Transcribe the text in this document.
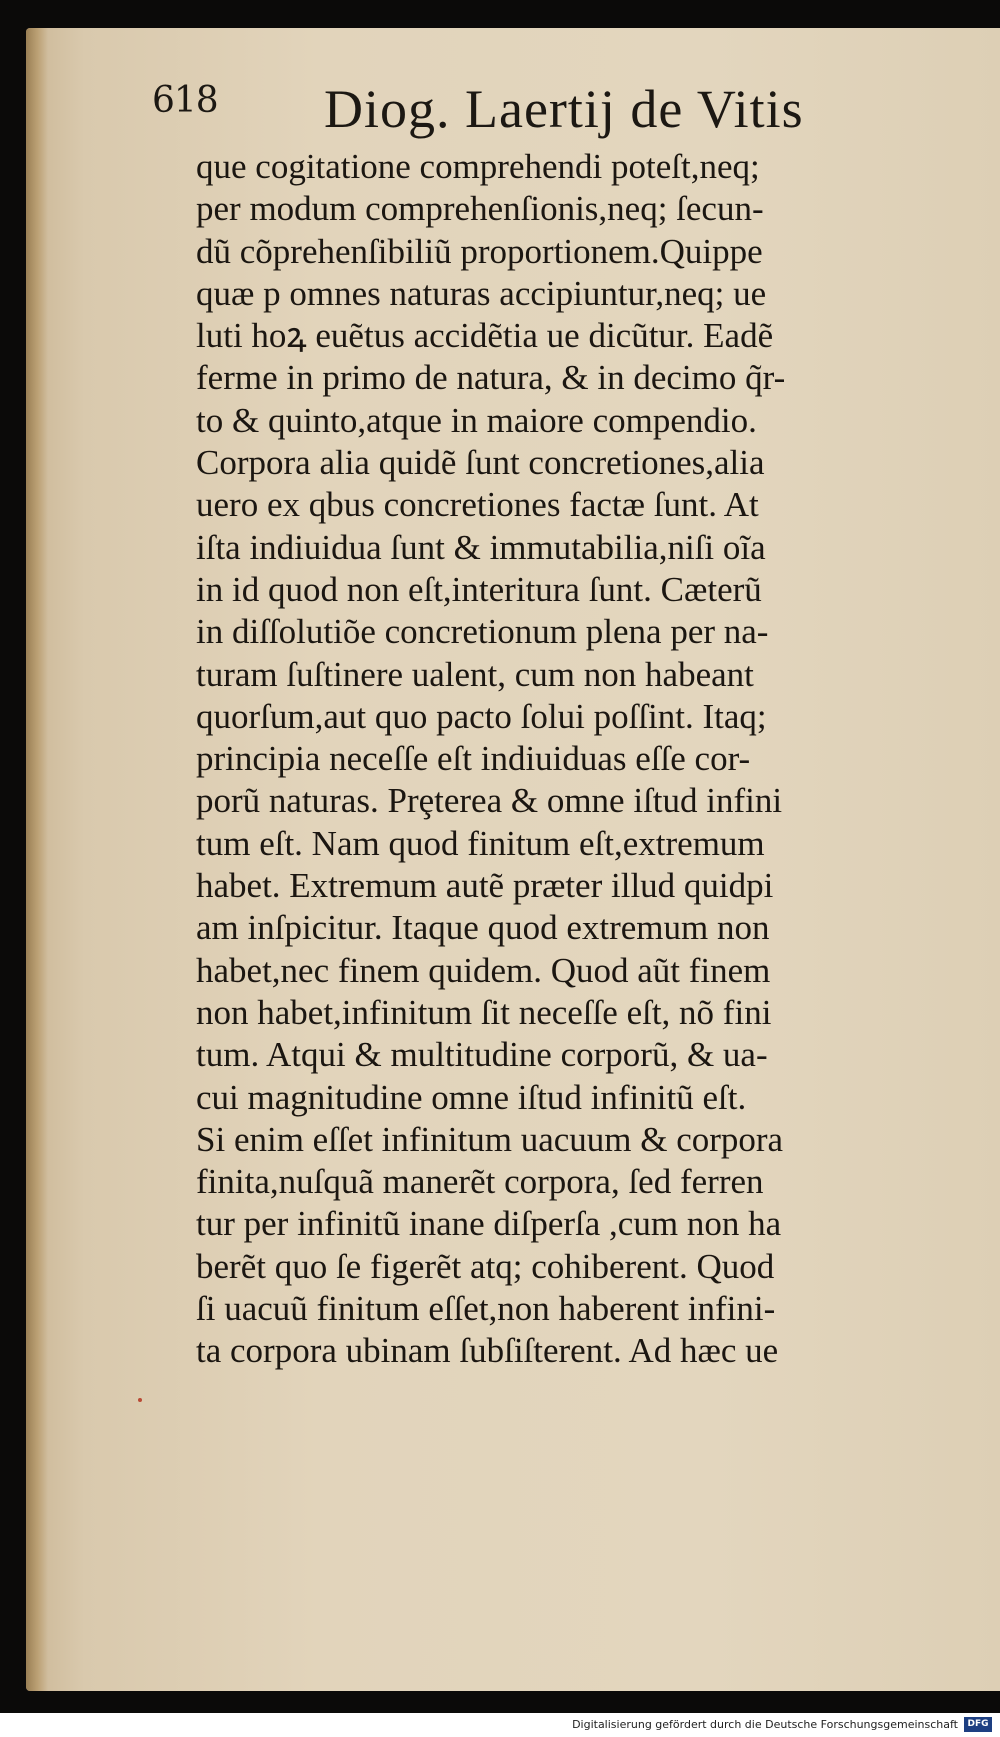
618 Diog. Laertij de Vitis
que cogitatione comprehendi poteſt,neq;
per modum comprehenſionis,neq; ſecun-
dũ cõprehenſibiliũ proportionem.Quippe
quæ p omnes naturas accipiuntur,neq; ue
luti hoꝝ euẽtus accidẽtia ue dicũtur. Eadẽ
ferme in primo de natura, & in decimo q̃r-
to & quinto,atque in maiore compendio.
Corpora alia quidẽ ſunt concretiones,alia
uero ex qbus concretiones factæ ſunt. At
iſta indiuidua ſunt & immutabilia,niſi oĩa
in id quod non eſt,interitura ſunt. Cæterũ
in diſſolutiõe concretionum plena per na-
turam ſuſtinere ualent, cum non habeant
quorſum,aut quo pacto ſolui poſſint. Itaq;
principia neceſſe eſt indiuiduas eſſe cor-
porũ naturas. Prȩterea & omne iſtud infini
tum eſt. Nam quod finitum eſt,extremum
habet. Extremum autẽ præter illud quidpi
am inſpicitur. Itaque quod extremum non
habet,nec finem quidem. Quod aũt finem
non habet,infinitum ſit neceſſe eſt, nõ fini
tum. Atqui & multitudine corporũ, & ua-
cui magnitudine omne iſtud infinitũ eſt.
Si enim eſſet infinitum uacuum & corpora
finita,nuſquã manerẽt corpora, ſed ferren
tur per infinitũ inane diſperſa ,cum non ha
berẽt quo ſe figerẽt atq; cohiberent. Quod
ſi uacuũ finitum eſſet,non haberent infini-
ta corpora ubinam ſubſiſterent. Ad hæc ue
Digitalisierung gefördert durch die Deutsche Forschungsgemeinschaft	DFG
